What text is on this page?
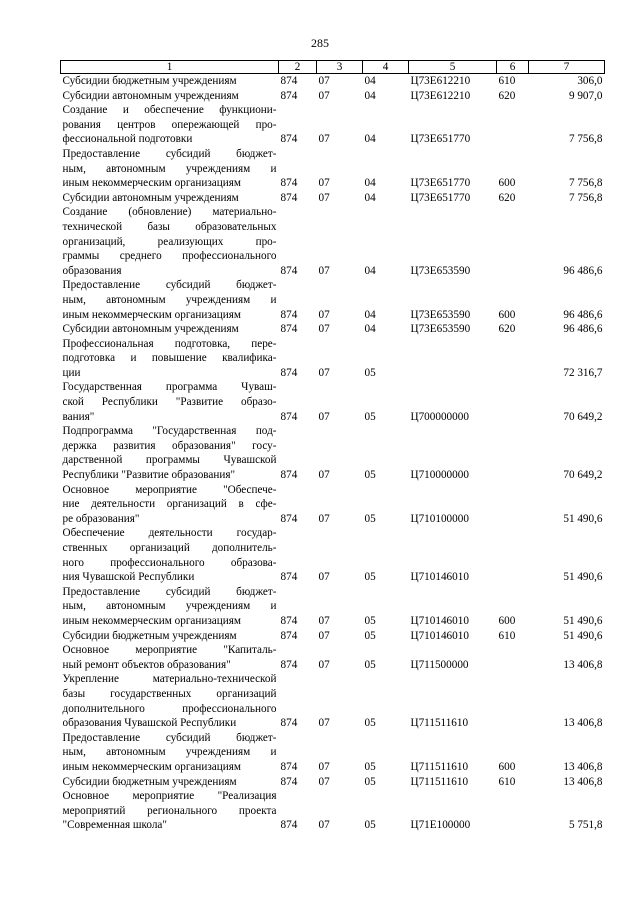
285
1	2	3	4	5	6	7

Субсидии бюджетным учреждениям	874	07	04	Ц73Е612210	610	306,0

Субсидии автономным учреждениям	874	07	04	Ц73Е612210	620	9 907,0

Создание и обеспечение функциони-
рования центров опережающей про-
фессиональной подготовки	874	07	04	Ц73Е651770		7 756,8

Предоставление субсидий бюджет-
ным, автономным учреждениям и
иным некоммерческим организациям	874	07	04	Ц73Е651770	600	7 756,8

Субсидии автономным учреждениям	874	07	04	Ц73Е651770	620	7 756,8

Создание (обновление) материально-
технической базы образовательных
организаций, реализующих про-
граммы среднего профессионального
образования	874	07	04	Ц73Е653590		96 486,6

Предоставление субсидий бюджет-
ным, автономным учреждениям и
иным некоммерческим организациям	874	07	04	Ц73Е653590	600	96 486,6

Субсидии автономным учреждениям	874	07	04	Ц73Е653590	620	96 486,6

Профессиональная подготовка, пере-
подготовка и повышение квалифика-
ции	874	07	05			72 316,7

Государственная программа Чуваш-
ской Республики "Развитие образо-
вания"	874	07	05	Ц700000000		70 649,2

Подпрограмма "Государственная под-
держка развития образования" госу-
дарственной программы Чувашской
Республики "Развитие образования"	874	07	05	Ц710000000		70 649,2

Основное мероприятие "Обеспече-
ние деятельности организаций в сфе-
ре образования"	874	07	05	Ц710100000		51 490,6

Обеспечение деятельности государ-
ственных организаций дополнитель-
ного профессионального образова-
ния Чувашской Республики	874	07	05	Ц710146010		51 490,6

Предоставление субсидий бюджет-
ным, автономным учреждениям и
иным некоммерческим организациям	874	07	05	Ц710146010	600	51 490,6

Субсидии бюджетным учреждениям	874	07	05	Ц710146010	610	51 490,6

Основное мероприятие "Капиталь-
ный ремонт объектов образования"	874	07	05	Ц711500000		13 406,8

Укрепление материально-технической
базы государственных организаций
дополнительного профессионального
образования Чувашской Республики	874	07	05	Ц711511610		13 406,8

Предоставление субсидий бюджет-
ным, автономным учреждениям и
иным некоммерческим организациям	874	07	05	Ц711511610	600	13 406,8

Субсидии бюджетным учреждениям	874	07	05	Ц711511610	610	13 406,8

Основное мероприятие "Реализация
мероприятий регионального проекта
"Современная школа"	874	07	05	Ц71Е100000		5 751,8
